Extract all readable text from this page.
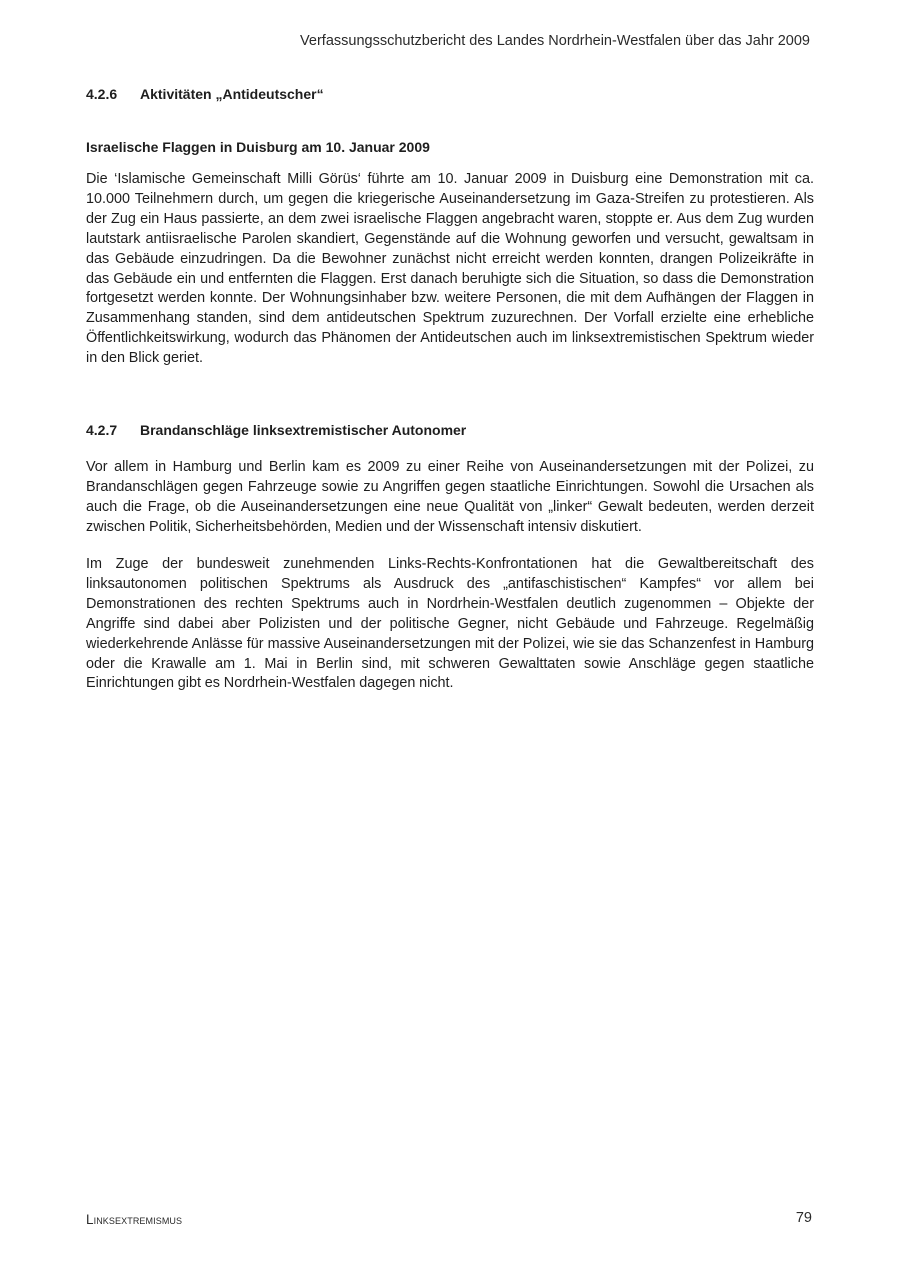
Verfassungsschutzbericht des Landes Nordrhein-Westfalen über das Jahr 2009
4.2.6 Aktivitäten „Antideutscher“
Israelische Flaggen in Duisburg am 10. Januar 2009

Die ‘Islamische Gemeinschaft Milli Görüs‘ führte am 10. Januar 2009 in Duisburg eine Demonstration mit ca. 10.000 Teilnehmern durch, um gegen die kriegerische Auseinandersetzung im Gaza-Streifen zu protestieren. Als der Zug ein Haus passierte, an dem zwei israelische Flaggen angebracht waren, stoppte er. Aus dem Zug wurden lautstark antiisraelische Parolen skandiert, Gegenstände auf die Wohnung geworfen und versucht, gewaltsam in das Gebäude einzudringen. Da die Bewohner zunächst nicht erreicht werden konnten, drangen Polizeikräfte in das Gebäude ein und entfernten die Flaggen. Erst danach beruhigte sich die Situation, so dass die Demonstration fortgesetzt werden konnte. Der Wohnungsinhaber bzw. weitere Personen, die mit dem Aufhängen der Flaggen in Zusammenhang standen, sind dem antideutschen Spektrum zuzurechnen. Der Vorfall erzielte eine erhebliche Öffentlichkeitswirkung, wodurch das Phänomen der Antideutschen auch im linksextremistischen Spektrum wieder in den Blick geriet.

4.2.7 Brandanschläge linksextremistischer Autonomer

Vor allem in Hamburg und Berlin kam es 2009 zu einer Reihe von Auseinandersetzungen mit der Polizei, zu Brandanschlägen gegen Fahrzeuge sowie zu Angriffen gegen staatliche Einrichtungen. Sowohl die Ursachen als auch die Frage, ob die Auseinandersetzungen eine neue Qualität von „linker“ Gewalt bedeuten, werden derzeit zwischen Politik, Sicherheitsbehörden, Medien und der Wissenschaft intensiv diskutiert.

Im Zuge der bundesweit zunehmenden Links-Rechts-Konfrontationen hat die Gewaltbereitschaft des linksautonomen politischen Spektrums als Ausdruck des „antifaschistischen“ Kampfes“ vor allem bei Demonstrationen des rechten Spektrums auch in Nordrhein-Westfalen deutlich zugenommen – Objekte der Angriffe sind dabei aber Polizisten und der politische Gegner, nicht Gebäude und Fahrzeuge. Regelmäßig wiederkehrende Anlässe für massive Auseinandersetzungen mit der Polizei, wie sie das Schanzenfest in Hamburg oder die Krawalle am 1. Mai in Berlin sind, mit schweren Gewalttaten sowie Anschläge gegen staatliche Einrichtungen gibt es Nordrhein-Westfalen dagegen nicht.

Linksextremismus	79
